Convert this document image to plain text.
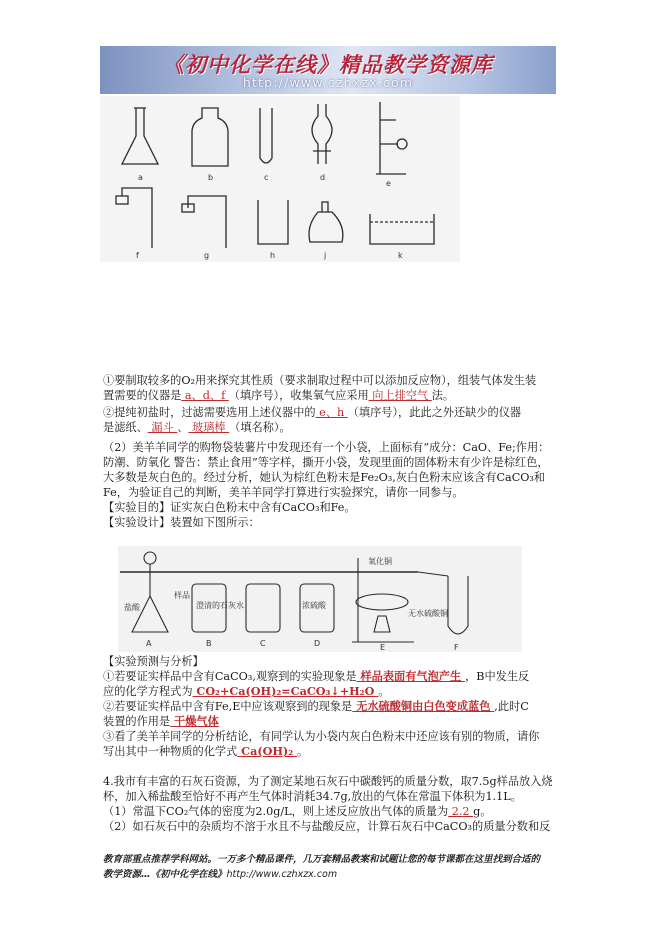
《初中化学在线》精品教学资源库
http://www.czhxzx.com
a	b	c	d
e
f	g	h	j	k
①要制取较多的O₂用来探究其性质（要求制取过程中可以添加反应物），组装气体发生装
置需要的仪器是 a、d、f （填序号），收集氧气应采用 向上排空气 法。
②提纯初盐时，过滤需要选用上述仪器中的 e、h （填序号），此此之外还缺少的仪器
是滤纸、 漏斗 、 玻璃棒 （填名称）。
（2）美羊羊同学的购物袋装薯片中发现还有一个小袋，上面标有“成分：CaO、Fe;作用：
防潮、防氧化 警告：禁止食用”等字样，撕开小袋，发现里面的固体粉末有少许是棕红色，
大多数是灰白色的。经过分析，她认为棕红色粉末是Fe₂O₃,灰白色粉末应该含有CaCO₃和
Fe，为验证自己的判断，美羊羊同学打算进行实验探究，请你一同参与。
【实验目的】证实灰白色粉末中含有CaCO₃和Fe。
【实验设计】装置如下图所示：
盐酸
样品
澄清的石灰水	浓硫酸
氧化铜
无水硫酸铜
A	B	C	D	E	F
【实验预测与分析】
①若要证实样品中含有CaCO₃,观察到的实验现象是 样品表面有气泡产生 ，B中发生反
应的化学方程式为 CO₂+Ca(OH)₂=CaCO₃↓+H₂O 。
②若要证实样品中含有Fe,E中应该观察到的现象是 无水硫酸铜由白色变成蓝色 ,此时C
装置的作用是 干燥气体
③看了美羊羊同学的分析结论，有同学认为小袋内灰白色粉末中还应该有别的物质，请你
写出其中一种物质的化学式 Ca(OH)₂ 。
4.我市有丰富的石灰石资源，为了测定某地石灰石中碳酸钙的质量分数，取7.5g样品放入烧
杯，加入稀盐酸至恰好不再产生气体时消耗34.7g,放出的气体在常温下体积为1.1L。
（1）常温下CO₂气体的密度为2.0g/L，则上述反应放出气体的质量为 2.2 g。
（2）如石灰石中的杂质均不溶于水且不与盐酸反应，计算石灰石中CaCO₃的质量分数和反
教育部重点推荐学科网站。一万多个精品课件，几万套精品教案和试题让您的每节课都在这里找到合适的
教学资源…《初中化学在线》http://www.czhxzx.com
